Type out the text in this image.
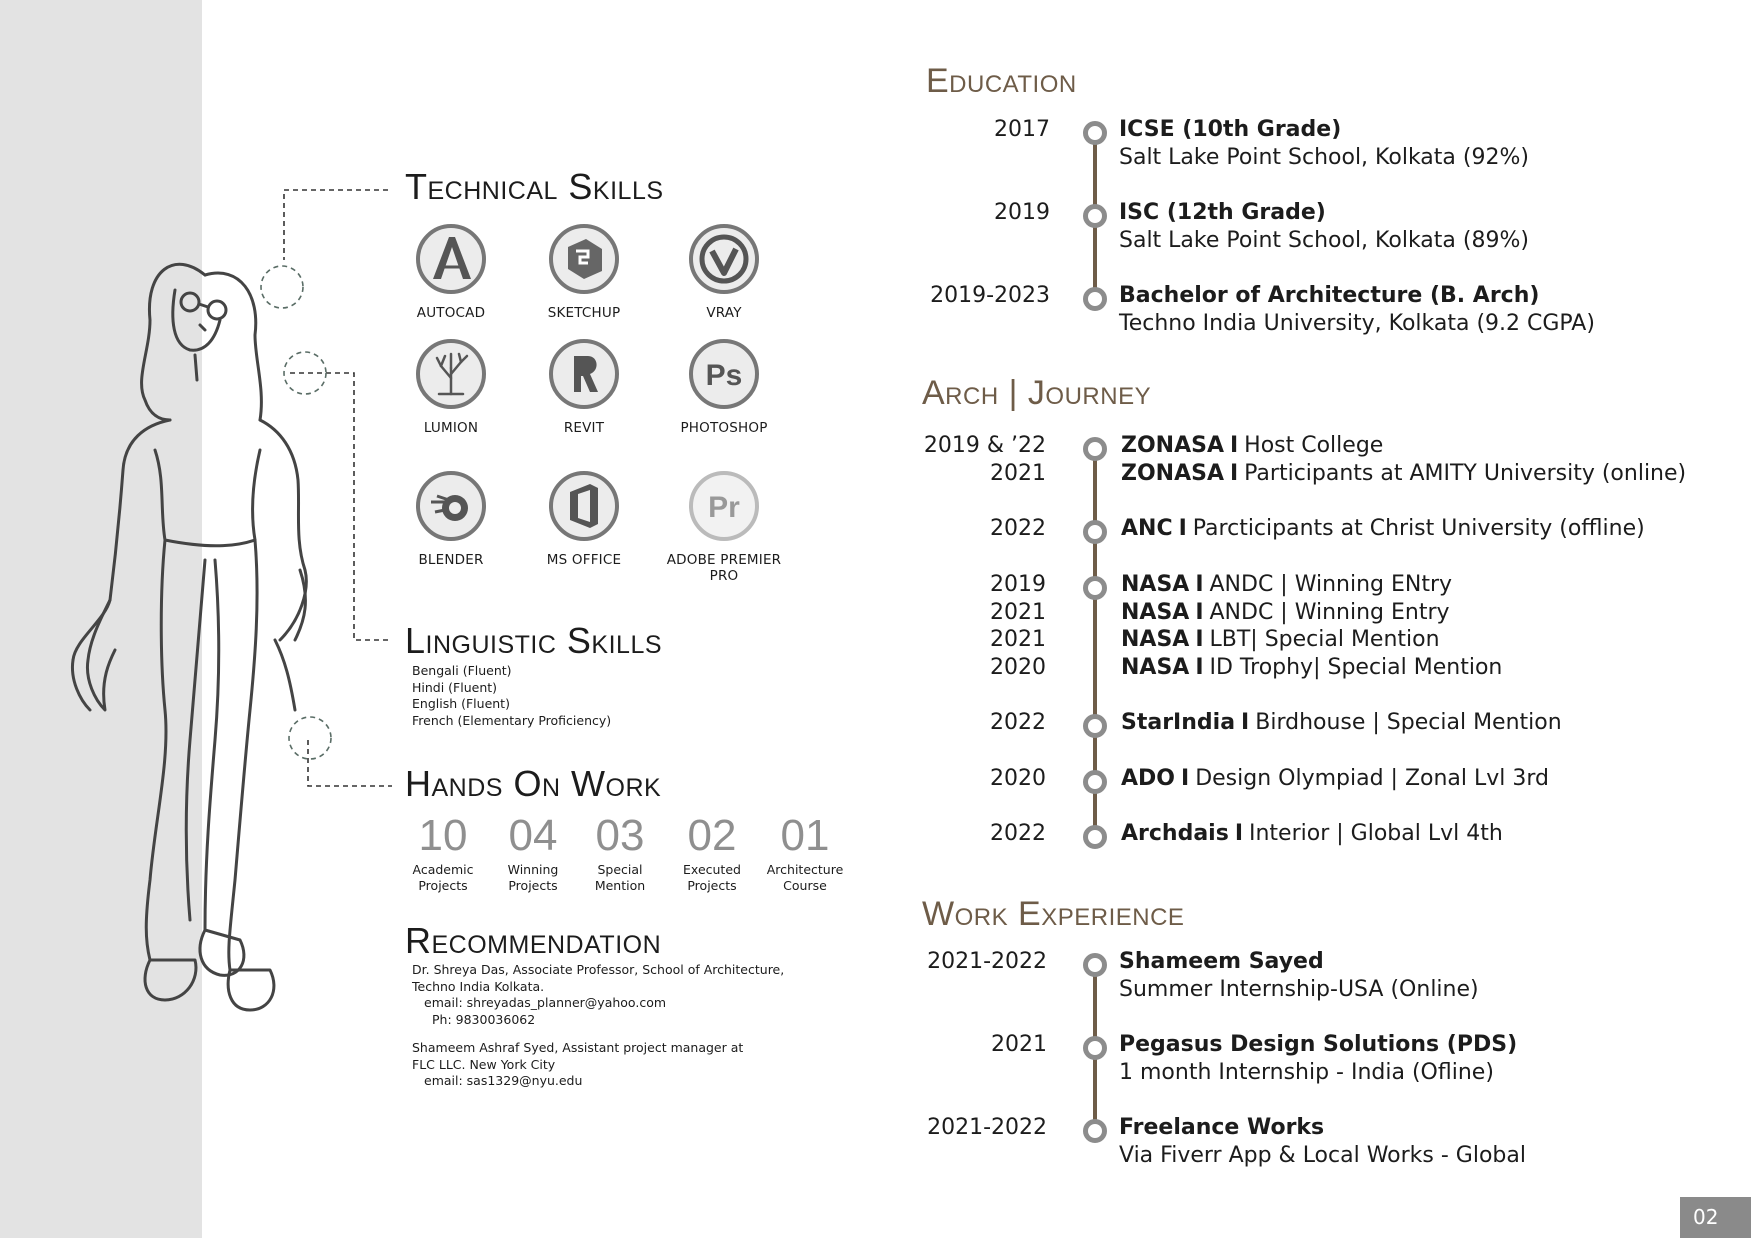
Technical Skills
AUTOCAD	SKETCHUP	VRAY
LUMION	REVIT
Ps
PHOTOSHOP
BLENDER	MS OFFICE
Pr
ADOBE PREMIER PRO
Linguistic Skills
Bengali (Fluent)
Hindi (Fluent)
English (Fluent)
French (Elementary Proficiency)
Hands On Work
10
Academic
Projects
04
Winning
Projects
03
Special
Mention
02
Executed
Projects
01
Architecture
Course
Recommendation
Dr. Shreya Das, Associate Professor, School of Architecture,
Techno India Kolkata.
email: shreyadas_planner@yahoo.com
Ph: 9830036062
Shameem Ashraf Syed, Assistant project manager at
FLC LLC. New York City
email: sas1329@nyu.edu
Education
2017	ICSE (10th Grade)
Salt Lake Point School, Kolkata (92%)
2019	ISC (12th Grade)
Salt Lake Point School, Kolkata (89%)
2019-2023	Bachelor of Architecture (B. Arch)
Techno India University, Kolkata (9.2 CGPA)
Arch | Journey
2019 & ’22	ZONASA I Host College
2021	ZONASA I Participants at AMITY University (online)
2022	ANC I Parcticipants at Christ University (offline)
2019	NASA I ANDC | Winning ENtry
2021	NASA I ANDC | Winning Entry
2021	NASA I LBT| Special Mention
2020	NASA I ID Trophy| Special Mention
2022	StarIndia I Birdhouse | Special Mention
2020	ADO I Design Olympiad | Zonal Lvl 3rd
2022	Archdais I Interior | Global Lvl 4th
Work Experience
2021-2022	Shameem Sayed
Summer Internship-USA (Online)
2021	Pegasus Design Solutions (PDS)
1 month Internship - India (Ofline)
2021-2022	Freelance Works
Via Fiverr App & Local Works - Global
02
